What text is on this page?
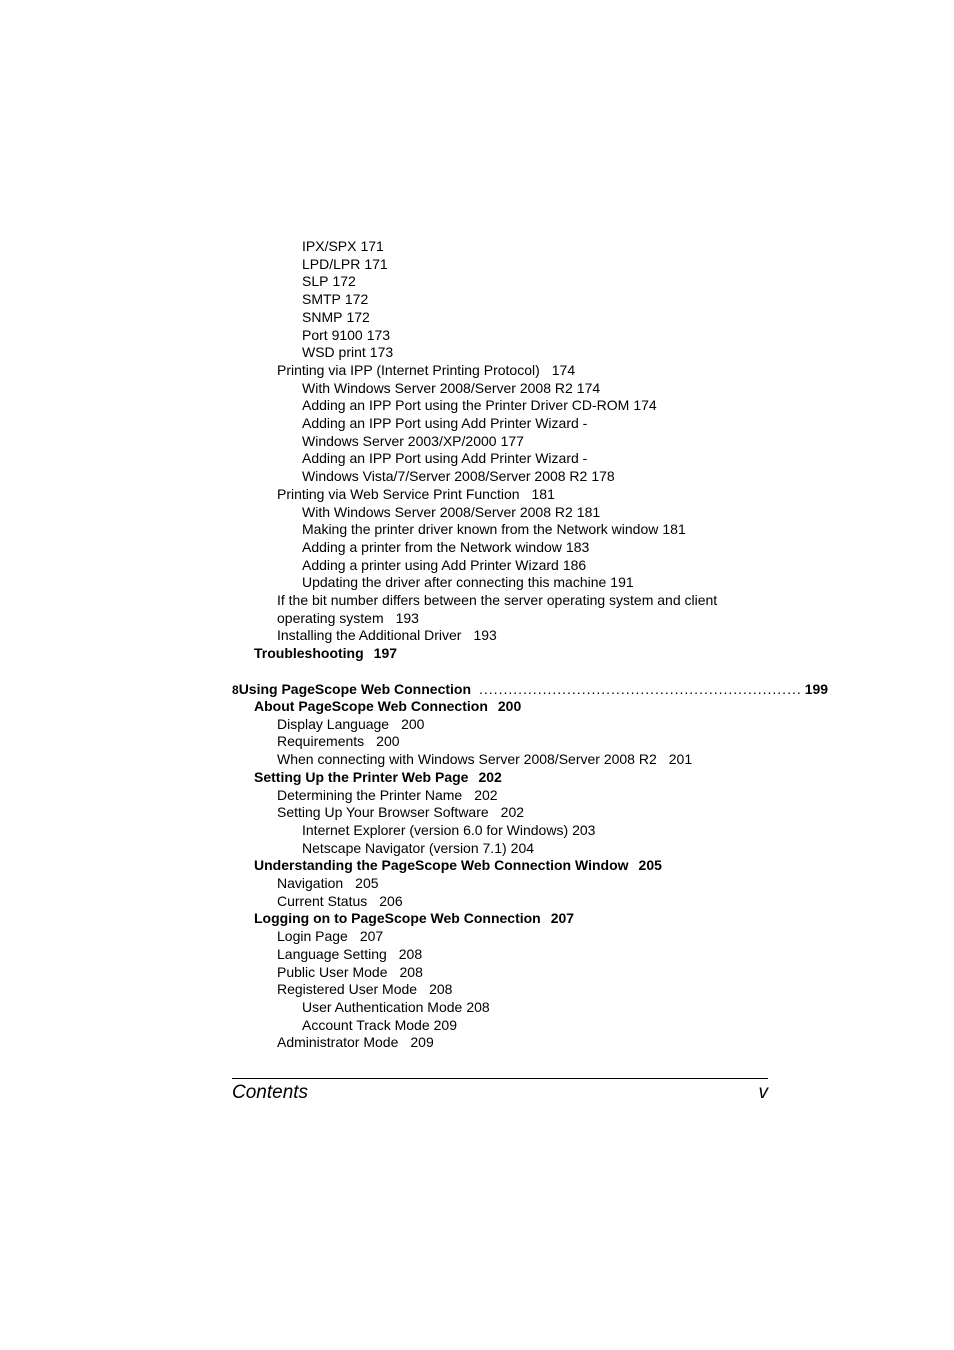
IPX/SPX 171
LPD/LPR 171
SLP 172
SMTP 172
SNMP 172
Port 9100 173
WSD print 173
Printing via IPP (Internet Printing Protocol) 174
With Windows Server 2008/Server 2008 R2 174
Adding an IPP Port using the Printer Driver CD-ROM 174
Adding an IPP Port using Add Printer Wizard -
Windows Server 2003/XP/2000 177
Adding an IPP Port using Add Printer Wizard -
Windows Vista/7/Server 2008/Server 2008 R2 178
Printing via Web Service Print Function 181
With Windows Server 2008/Server 2008 R2 181
Making the printer driver known from the Network window 181
Adding a printer from the Network window 183
Adding a printer using Add Printer Wizard 186
Updating the driver after connecting this machine 191
If the bit number differs between the server operating system and client
operating system 193
Installing the Additional Driver 193
Troubleshooting 197
8 Using PageScope Web Connection .................................................................. 199
About PageScope Web Connection 200
Display Language 200
Requirements 200
When connecting with Windows Server 2008/Server 2008 R2 201
Setting Up the Printer Web Page 202
Determining the Printer Name 202
Setting Up Your Browser Software 202
Internet Explorer (version 6.0 for Windows) 203
Netscape Navigator (version 7.1) 204
Understanding the PageScope Web Connection Window 205
Navigation 205
Current Status 206
Logging on to PageScope Web Connection 207
Login Page 207
Language Setting 208
Public User Mode 208
Registered User Mode 208
User Authentication Mode 208
Account Track Mode 209
Administrator Mode 209
Contents	v
